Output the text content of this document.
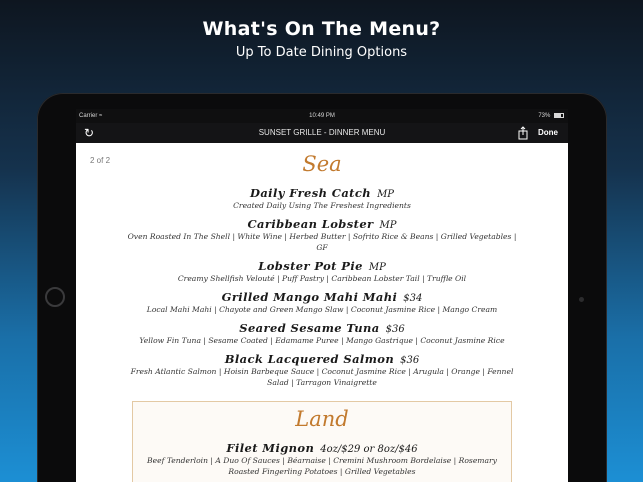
What's On The Menu?
Up To Date Dining Options
Carrier ≈	10:49 PM	73%
↻	SUNSET GRILLE - DINNER MENU	Done
2 of 2	Sea
Daily Fresh Catch MP
Created Daily Using The Freshest Ingredients
Caribbean Lobster MP
Oven Roasted In The Shell | White Wine | Herbed Butter | Sofrito Rice & Beans | Grilled Vegetables | GF
Lobster Pot Pie MP
Creamy Shellfish Velouté | Puff Pastry | Caribbean Lobster Tail | Truffle Oil
Grilled Mango Mahi Mahi $34
Local Mahi Mahi | Chayote and Green Mango Slaw | Coconut Jasmine Rice | Mango Cream
Seared Sesame Tuna $36
Yellow Fin Tuna | Sesame Coated | Edamame Puree | Mango Gastrique | Coconut Jasmine Rice
Black Lacquered Salmon $36
Fresh Atlantic Salmon | Hoisin Barbeque Sauce | Coconut Jasmine Rice | Arugula | Orange | Fennel Salad | Tarragon Vinaigrette
Land
Filet Mignon 4oz/$29 or 8oz/$46
Beef Tenderloin | A Duo Of Sauces | Béarnaise | Cremini Mushroom Bordelaise | Rosemary Roasted Fingerling Potatoes | Grilled Vegetables
